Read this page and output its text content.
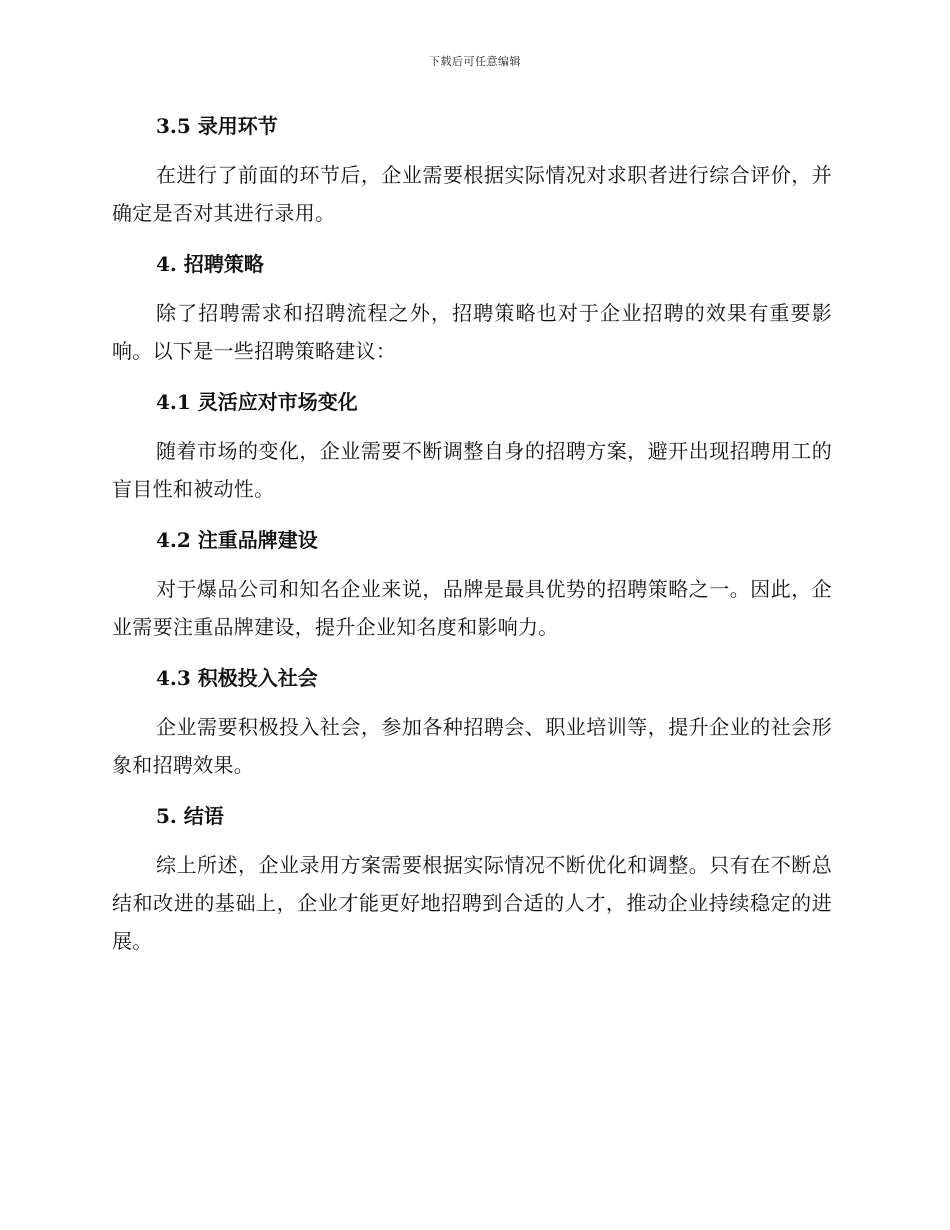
下载后可任意编辑
3.5 录用环节

在进行了前面的环节后，企业需要根据实际情况对求职者进行综合评价，并确定是否对其进行录用。

4. 招聘策略

除了招聘需求和招聘流程之外，招聘策略也对于企业招聘的效果有重要影响。以下是一些招聘策略建议：

4.1 灵活应对市场变化

随着市场的变化，企业需要不断调整自身的招聘方案，避开出现招聘用工的盲目性和被动性。

4.2 注重品牌建设

对于爆品公司和知名企业来说，品牌是最具优势的招聘策略之一。因此，企业需要注重品牌建设，提升企业知名度和影响力。

4.3 积极投入社会

企业需要积极投入社会，参加各种招聘会、职业培训等，提升企业的社会形象和招聘效果。

5. 结语

综上所述，企业录用方案需要根据实际情况不断优化和调整。只有在不断总结和改进的基础上，企业才能更好地招聘到合适的人才，推动企业持续稳定的进展。
